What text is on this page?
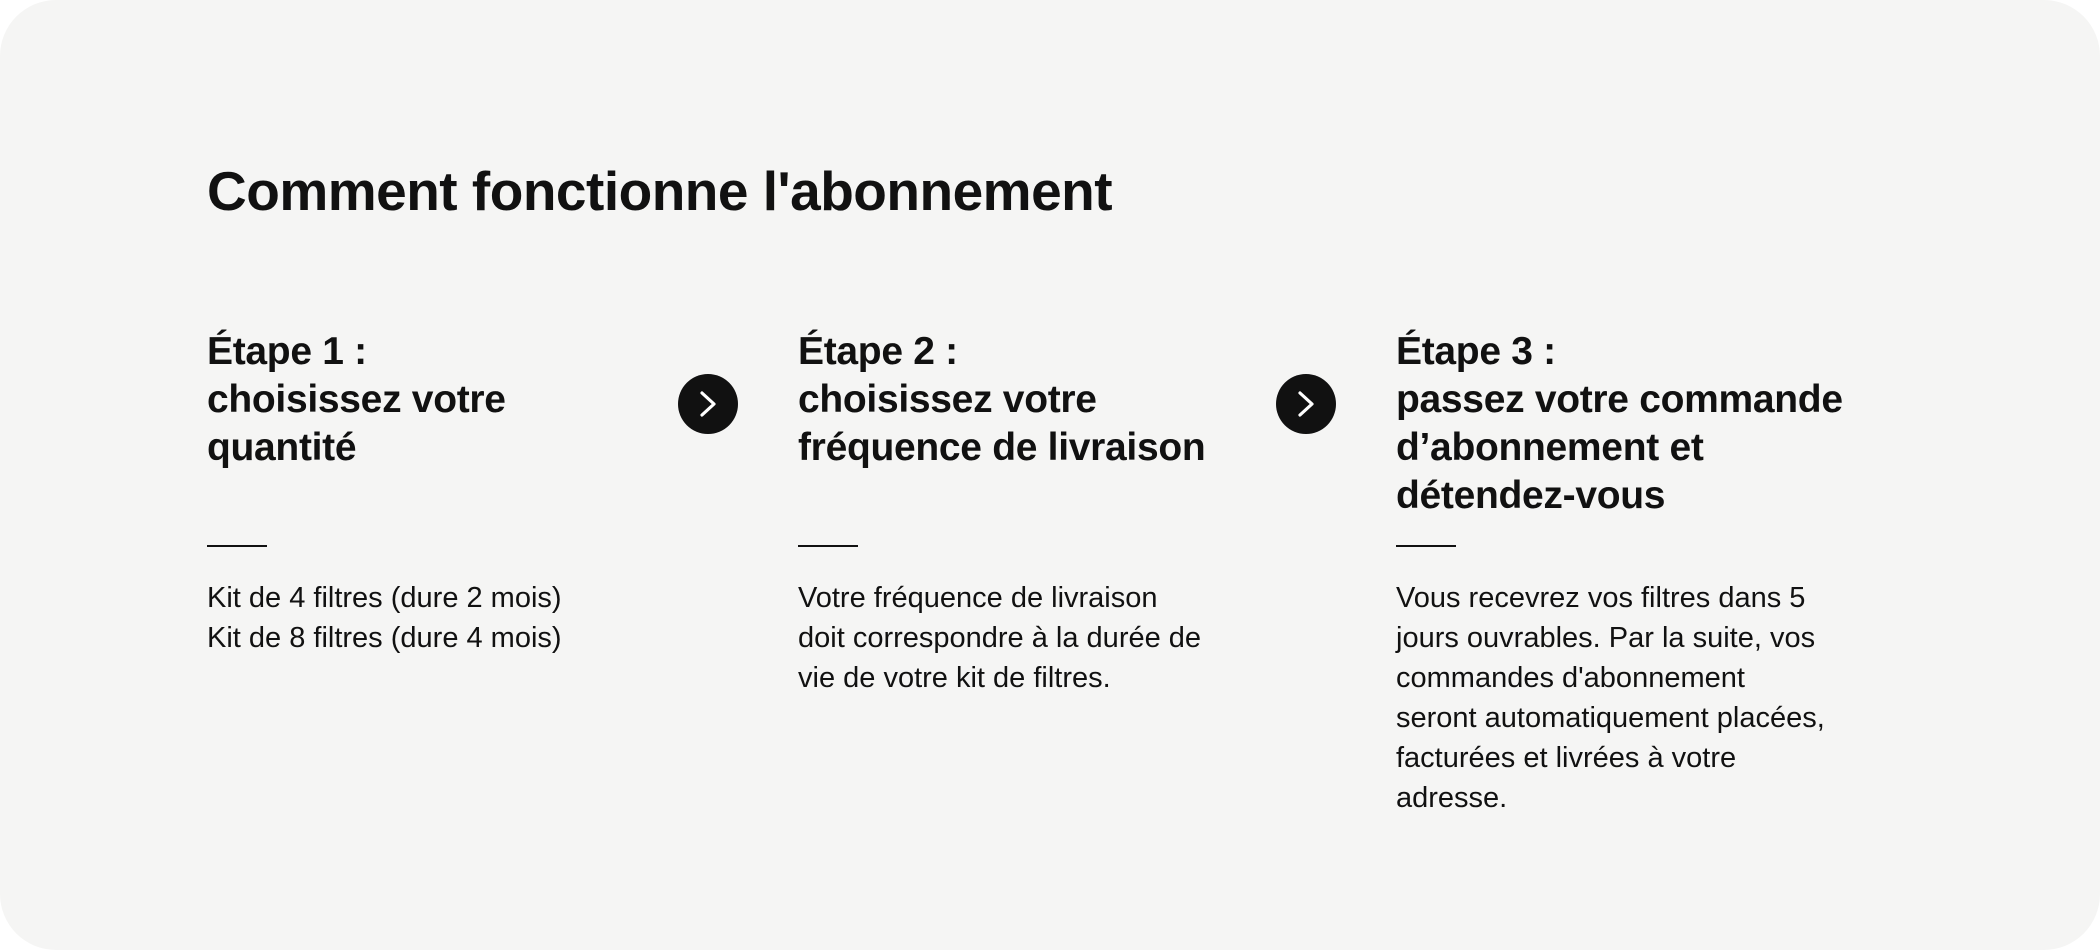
Comment fonctionne l'abonnement
Étape 1 :
choisissez votre
quantité

Kit de 4 filtres (dure 2 mois)
Kit de 8 filtres (dure 4 mois)

Étape 2 :
choisissez votre
fréquence de livraison

Votre fréquence de livraison
doit correspondre à la durée de
vie de votre kit de filtres.

Étape 3 :
passez votre commande
d’abonnement et
détendez-vous

Vous recevrez vos filtres dans 5
jours ouvrables. Par la suite, vos
commandes d'abonnement
seront automatiquement placées,
facturées et livrées à votre
adresse.
